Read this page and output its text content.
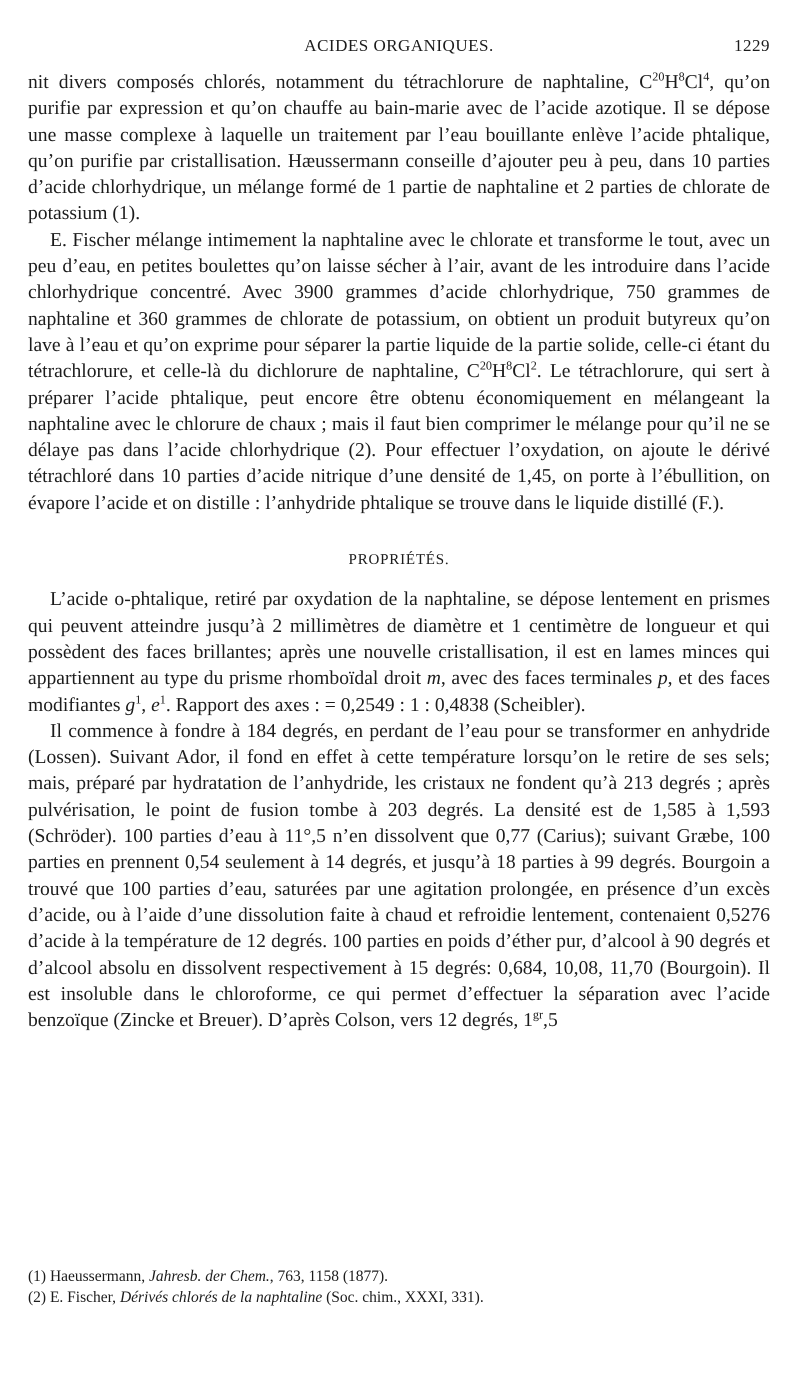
ACIDES ORGANIQUES.	1229

nit divers composés chlorés, notamment du tétrachlorure de naphtaline, $C^{20}H^8Cl^4$, qu’on purifie par expression et qu’on chauffe au bain-marie avec de l’acide azotique. Il se dépose une masse complexe à laquelle un traitement par l’eau bouillante enlève l’acide phtalique, qu’on purifie par cristallisation. Hæussermann conseille d’ajouter peu à peu, dans 10 parties d’acide chlorhydrique, un mélange formé de 1 partie de naphtaline et 2 parties de chlorate de potassium (1).

E. Fischer mélange intimement la naphtaline avec le chlorate et transforme le tout, avec un peu d’eau, en petites boulettes qu’on laisse sécher à l’air, avant de les introduire dans l’acide chlorhydrique concentré. Avec 3900 grammes d’acide chlorhydrique, 750 grammes de naphtaline et 360 grammes de chlorate de potassium, on obtient un produit butyreux qu’on lave à l’eau et qu’on exprime pour séparer la partie liquide de la partie solide, celle-ci étant du tétrachlorure, et celle-là du dichlorure de naphtaline, $C^{20}H^8Cl^2$. Le tétrachlorure, qui sert à préparer l’acide phtalique, peut encore être obtenu économiquement en mélangeant la naphtaline avec le chlorure de chaux ; mais il faut bien comprimer le mélange pour qu’il ne se délaye pas dans l’acide chlorhydrique (2). Pour effectuer l’oxydation, on ajoute le dérivé tétrachloré dans 10 parties d’acide nitrique d’une densité de 1,45, on porte à l’ébullition, on évapore l’acide et on distille : l’anhydride phtalique se trouve dans le liquide distillé (F.).

PROPRIÉTÉS.

L’acide o-phtalique, retiré par oxydation de la naphtaline, se dépose lentement en prismes qui peuvent atteindre jusqu’à 2 millimètres de diamètre et 1 centimètre de longueur et qui possèdent des faces brillantes; après une nouvelle cristallisation, il est en lames minces qui appartiennent au type du prisme rhomboïdal droit m, avec des faces terminales p, et des faces modifiantes $g^1$, $e^1$. Rapport des axes : = 0,2549 : 1 : 0,4838 (Scheibler).

Il commence à fondre à 184 degrés, en perdant de l’eau pour se transformer en anhydride (Lossen). Suivant Ador, il fond en effet à cette température lorsqu’on le retire de ses sels; mais, préparé par hydratation de l’anhydride, les cristaux ne fondent qu’à 213 degrés ; après pulvérisation, le point de fusion tombe à 203 degrés. La densité est de 1,585 à 1,593 (Schröder). 100 parties d’eau à 11°,5 n’en dissolvent que 0,77 (Carius); suivant Græbe, 100 parties en prennent 0,54 seulement à 14 degrés, et jusqu’à 18 parties à 99 degrés. Bourgoin a trouvé que 100 parties d’eau, saturées par une agitation prolongée, en présence d’un excès d’acide, ou à l’aide d’une dissolution faite à chaud et refroidie lentement, contenaient 0,5276 d’acide à la température de 12 degrés. 100 parties en poids d’éther pur, d’alcool à 90 degrés et d’alcool absolu en dissolvent respectivement à 15 degrés: 0,684, 10,08, 11,70 (Bourgoin). Il est insoluble dans le chloroforme, ce qui permet d’effectuer la séparation avec l’acide benzoïque (Zincke et Breuer). D’après Colson, vers 12 degrés, $1^{gr},5$

(1) Haeussermann, Jahresb. der Chem., 763, 1158 (1877).

(2) E. Fischer, Dérivés chlorés de la naphtaline (Soc. chim., XXXI, 331).
